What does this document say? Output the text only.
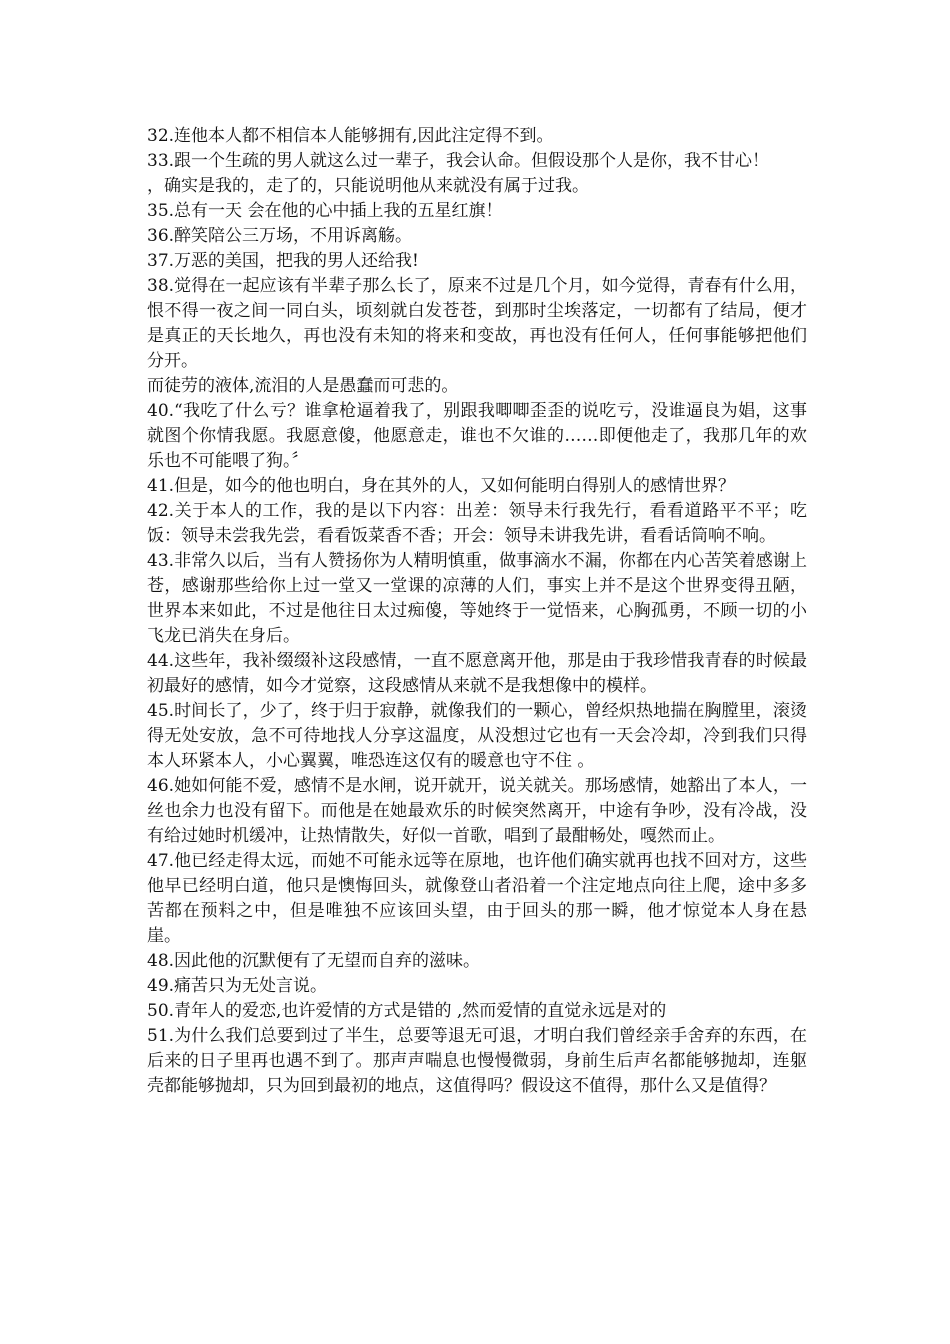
32.连他本人都不相信本人能够拥有,因此注定得不到。

33.跟一个生疏的男人就这么过一辈子，我会认命。但假设那个人是你，我不甘心！

，确实是我的，走了的，只能说明他从来就没有属于过我。

35.总有一天 会在他的心中插上我的五星红旗！

36.醉笑陪公三万场，不用诉离觞。

37.万恶的美国，把我的男人还给我!

38.觉得在一起应该有半辈子那么长了，原来不过是几个月，如今觉得，青春有什么用，恨不得一夜之间一同白头，顷刻就白发苍苍，到那时尘埃落定，一切都有了结局，便才是真正的天长地久，再也没有未知的将来和变故，再也没有任何人，任何事能够把他们分开。

而徒劳的液体,流泪的人是愚蠢而可悲的。

40.“我吃了什么亏？谁拿枪逼着我了，别跟我唧唧歪歪的说吃亏，没谁逼良为娼，这事就图个你情我愿。我愿意傻，他愿意走，谁也不欠谁的……即便他走了，我那几年的欢乐也不可能喂了狗。〞

41.但是，如今的他也明白，身在其外的人，又如何能明白得别人的感情世界？

42.关于本人的工作，我的是以下内容：出差：领导未行我先行，看看道路平不平；吃饭：领导未尝我先尝，看看饭菜香不香；开会：领导未讲我先讲，看看话筒响不响。

43.非常久以后，当有人赞扬你为人精明慎重，做事滴水不漏，你都在内心苦笑着感谢上苍，感谢那些给你上过一堂又一堂课的凉薄的人们，事实上并不是这个世界变得丑陋，世界本来如此，不过是他往日太过痴傻，等她终于一觉悟来，心胸孤勇，不顾一切的小飞龙已消失在身后。

44.这些年，我补缀缀补这段感情，一直不愿意离开他，那是由于我珍惜我青春的时候最初最好的感情，如今才觉察，这段感情从来就不是我想像中的模样。

45.时间长了，少了，终于归于寂静，就像我们的一颗心，曾经炽热地揣在胸膛里，滚烫得无处安放，急不可待地找人分享这温度，从没想过它也有一天会冷却，冷到我们只得本人环紧本人，小心翼翼，唯恐连这仅有的暖意也守不住 。

46.她如何能不爱，感情不是水闸，说开就开，说关就关。那场感情，她豁出了本人，一丝也余力也没有留下。而他是在她最欢乐的时候突然离开，中途有争吵，没有冷战，没有给过她时机缓冲，让热情散失，好似一首歌，唱到了最酣畅处，嘎然而止。

47.他已经走得太远，而她不可能永远等在原地，也许他们确实就再也找不回对方，这些他早已经明白道，他只是懊悔回头，就像登山者沿着一个注定地点向往上爬，途中多多苦都在预料之中，但是唯独不应该回头望，由于回头的那一瞬，他才惊觉本人身在悬崖。

48.因此他的沉默便有了无望而自弃的滋味。

49.痛苦只为无处言说。

50.青年人的爱恋,也许爱情的方式是错的 ,然而爱情的直觉永远是对的

51.为什么我们总要到过了半生，总要等退无可退，才明白我们曾经亲手舍弃的东西，在后来的日子里再也遇不到了。那声声喘息也慢慢微弱，身前生后声名都能够抛却，连躯壳都能够抛却，只为回到最初的地点，这值得吗？假设这不值得，那什么又是值得？
